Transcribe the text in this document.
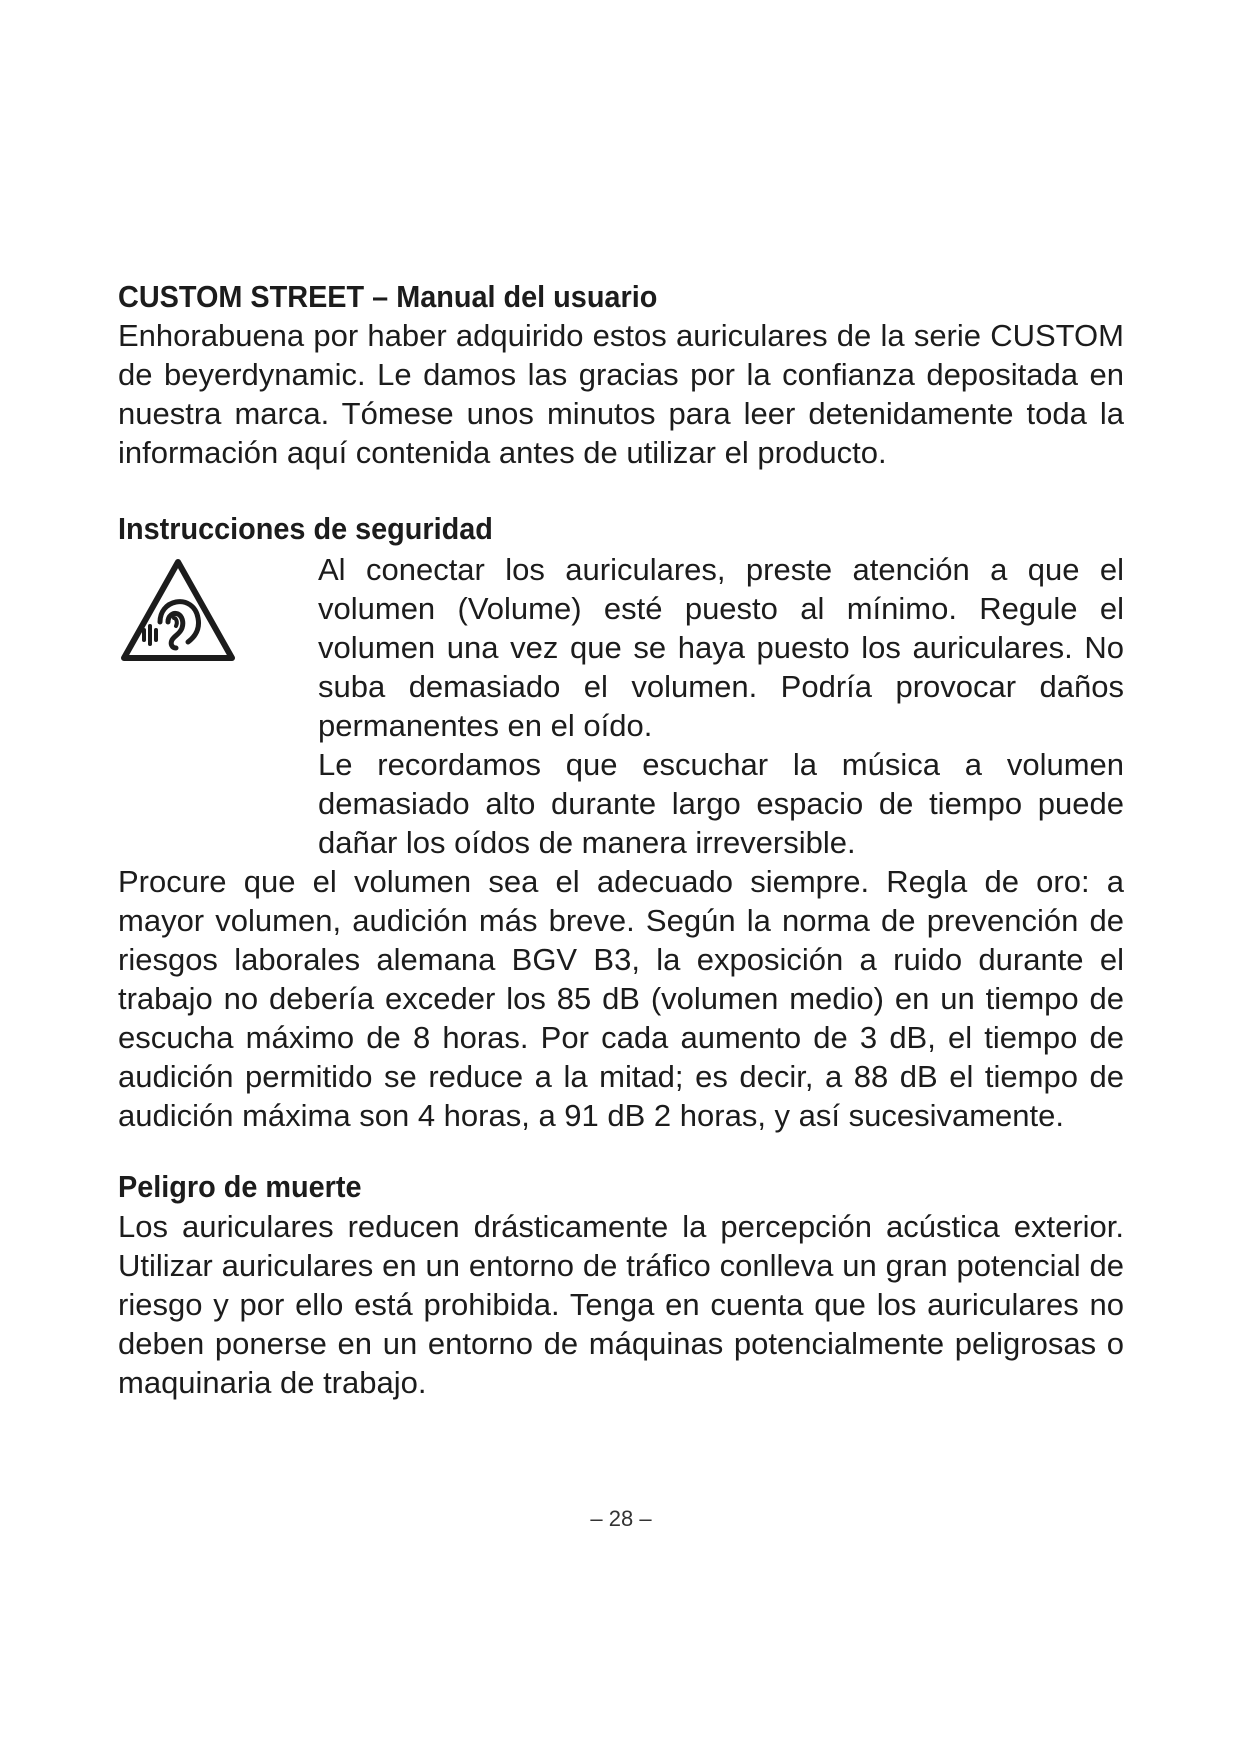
CUSTOM STREET – Manual del usuario

Enhorabuena por haber adquirido estos auriculares de la serie CUSTOM de beyerdynamic. Le damos las gracias por la confianza depositada en nuestra marca. Tómese unos minutos para leer detenidamente toda la información aquí contenida antes de utilizar el producto.

Instrucciones de seguridad

Al conectar los auriculares, preste atención a que el volumen (Volume) esté puesto al mínimo. Regule el volumen una vez que se haya puesto los auriculares. No suba demasiado el volumen. Podría provocar daños permanentes en el oído.

Le recordamos que escuchar la música a volumen demasiado alto durante largo espacio de tiempo puede dañar los oídos de manera irreversible.

Procure que el volumen sea el adecuado siempre. Regla de oro: a mayor volumen, audición más breve. Según la norma de prevención de riesgos laborales alemana BGV B3, la exposición a ruido durante el trabajo no debería exceder los 85 dB (volumen medio) en un tiempo de escucha máximo de 8 horas. Por cada aumento de 3 dB, el tiempo de audición permitido se reduce a la mitad; es decir, a 88 dB el tiempo de audición máxima son 4 horas, a 91 dB 2 horas, y así sucesivamente.

Peligro de muerte

Los auriculares reducen drásticamente la percepción acústica exterior. Utilizar auriculares en un entorno de tráfico conlleva un gran potencial de riesgo y por ello está prohibida. Tenga en cuenta que los auriculares no deben ponerse en un entorno de máquinas potencialmente peligrosas o maquinaria de trabajo.

– 28 –
